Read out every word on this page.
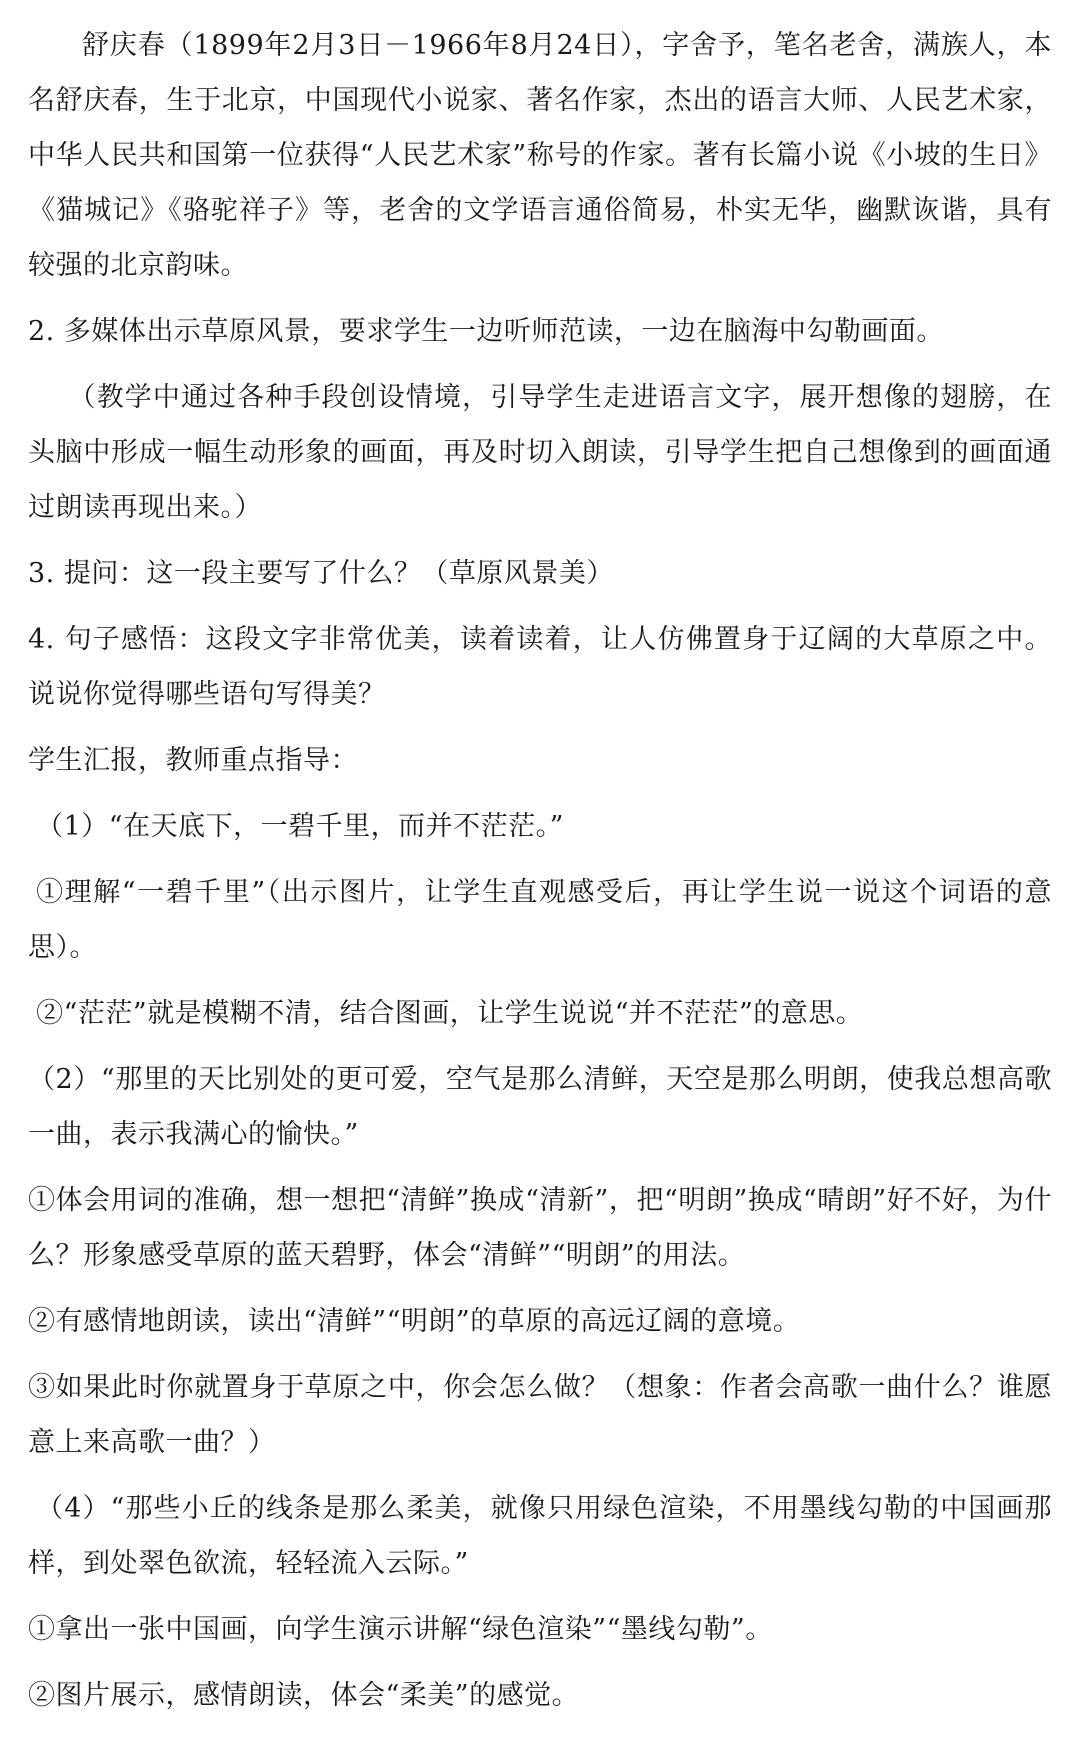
舒庆春（1899年2月3日－1966年8月24日），字舍予，笔名老舍，满族人，本名舒庆春，生于北京，中国现代小说家、著名作家，杰出的语言大师、人民艺术家，中华人民共和国第一位获得“人民艺术家”称号的作家。著有长篇小说《小坡的生日》《猫城记》《骆驼祥子》等，老舍的文学语言通俗简易，朴实无华，幽默诙谐，具有较强的北京韵味。

2. 多媒体出示草原风景，要求学生一边听师范读，一边在脑海中勾勒画面。

（教学中通过各种手段创设情境，引导学生走进语言文字，展开想像的翅膀，在头脑中形成一幅生动形象的画面，再及时切入朗读，引导学生把自己想像到的画面通过朗读再现出来。）

3. 提问：这一段主要写了什么？（草原风景美）

4. 句子感悟：这段文字非常优美，读着读着，让人仿佛置身于辽阔的大草原之中。说说你觉得哪些语句写得美？

学生汇报，教师重点指导：

（1）“在天底下，一碧千里，而并不茫茫。”

①理解“一碧千里”（出示图片，让学生直观感受后，再让学生说一说这个词语的意思）。

②“茫茫”就是模糊不清，结合图画，让学生说说“并不茫茫”的意思。

（2）“那里的天比别处的更可爱，空气是那么清鲜，天空是那么明朗，使我总想高歌一曲，表示我满心的愉快。”

①体会用词的准确，想一想把“清鲜”换成“清新”，把“明朗”换成“晴朗”好不好，为什么？形象感受草原的蓝天碧野，体会“清鲜”“明朗”的用法。

②有感情地朗读，读出“清鲜”“明朗”的草原的高远辽阔的意境。

③如果此时你就置身于草原之中，你会怎么做？（想象：作者会高歌一曲什么？谁愿意上来高歌一曲？）

（4）“那些小丘的线条是那么柔美，就像只用绿色渲染，不用墨线勾勒的中国画那样，到处翠色欲流，轻轻流入云际。”

①拿出一张中国画，向学生演示讲解“绿色渲染”“墨线勾勒”。

②图片展示，感情朗读，体会“柔美”的感觉。
